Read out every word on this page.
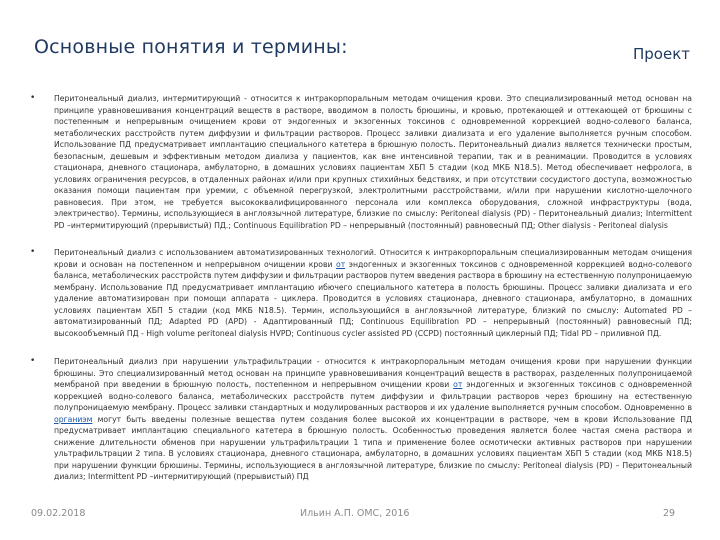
Основные понятия и термины:	Проект
• Перитонеальный диализ, интермитирующий - относится к интракорпоральным методам очищения крови. Это специализированный метод основан на принципе уравновешивания концентраций веществ в растворе, вводимом в полость брюшины, и кровью, протекающей и оттекающей от брюшины с постепенным и непрерывным очищением крови от эндогенных и экзогенных токсинов с одновременной коррекцией водно-солевого баланса, метаболических расстройств путем диффузии и фильтрации растворов. Процесс заливки диализата и его удаление выполняется ручным способом. Использование ПД предусматривает имплантацию специального катетера в брюшную полость. Перитонеальный диализ является технически простым, безопасным, дешевым и эффективным методом диализа у пациентов, как вне интенсивной терапии, так и в реанимации. Проводится в условиях стационара, дневного стационара, амбулаторно, в домашних условиях пациентам ХБП 5 стадии (код МКБ N18.5). Метод обеспечивает нефролога, в условиях ограничения ресурсов, в отдаленных районах и/или при крупных стихийных бедствиях, и при отсутствии сосудистого доступа, возможностью оказания помощи пациентам при уремии, с объемной перегрузкой, электролитными расстройствами, и/или при нарушении кислотно-щелочного равновесия. При этом, не требуется высококвалифицированного персонала или комплекса оборудования, сложной инфраструктуры (вода, электричество). Термины, использующиеся в англоязычной литературе, близкие по смыслу: Peritoneal dialysis (PD) - Перитонеальный диализ; Intermittent PD –интермитирующий (прерывистый) ПД.; Continuous Equilibration PD – непрерывный (постоянный) равновесный ПД; Other dialysis - Peritoneal dialysis

• Перитонеальный диализ с использованием автоматизированных технологий. Относится к интракорпоральным специализированным методам очищения крови и основан на постепенном и непрерывном очищении крови от эндогенных и экзогенных токсинов с одновременной коррекцией водно-солевого баланса, метаболических расстройств путем диффузии и фильтрации растворов путем введения раствора в брюшину на естественную полупроницаемую мембрану. Использование ПД предусматривает имплантацию ибючего специального катетера в полость брюшины. Процесс заливки диализата и его удаление автоматизирован при помощи аппарата - циклера. Проводится в условиях стационара, дневного стационара, амбулаторно, в домашних условиях пациентам ХБП 5 стадии (код МКБ N18.5). Термин, использующийся в англоязычной литературе, близкий по смыслу: Automated PD – автоматизированный ПД; Adapted PD (APD) - Адаптированный ПД; Continuous Equilibration PD – непрерывный (постоянный) равновесный ПД; высокообъемный ПД - High volume peritoneal dialysis HVPD; Continuous cycler assisted PD (CCPD) постоянный циклерный ПД; Tidal PD – приливной ПД.

• Перитонеальный диализ при нарушении ультрафильтрации - относится к интракорпоральным методам очищения крови при нарушении функции брюшины. Это специализированный метод основан на принципе уравновешивания концентраций веществ в растворах, разделенных полупроницаемой мембраной при введении в брюшную полость, постепенном и непрерывном очищении крови от эндогенных и экзогенных токсинов с одновременной коррекцией водно-солевого баланса, метаболических расстройств путем диффузии и фильтрации растворов через брюшину на естественную полупроницаемую мембрану. Процесс заливки стандартных и модулированных растворов и их удаление выполняется ручным способом. Одновременно в органиэм могут быть введены полезные вещества путем создания более высокой их концентрации в растворе, чем в крови Использование ПД предусматривает имплантацию специального катетера в брюшную полость. Особенностью проведения является более частая смена раствора и снижение длительности обменов при нарушении ультрафильтрации 1 типа и применение более осмотически активных растворов при нарушении ультрафильтрации 2 типа. В условиях стационара, дневного стационара, амбулаторно, в домашних условиях пациентам ХБП 5 стадии (код МКБ N18.5) при нарушении функции брюшины. Термины, использующиеся в англоязычной литературе, близкие по смыслу: Peritoneal dialysis (PD) – Перитонеальный диализ; Intermittent PD –интермитирующий (прерывистый) ПД

09.02.2018	Ильин А.П. ОМС, 2016	29
